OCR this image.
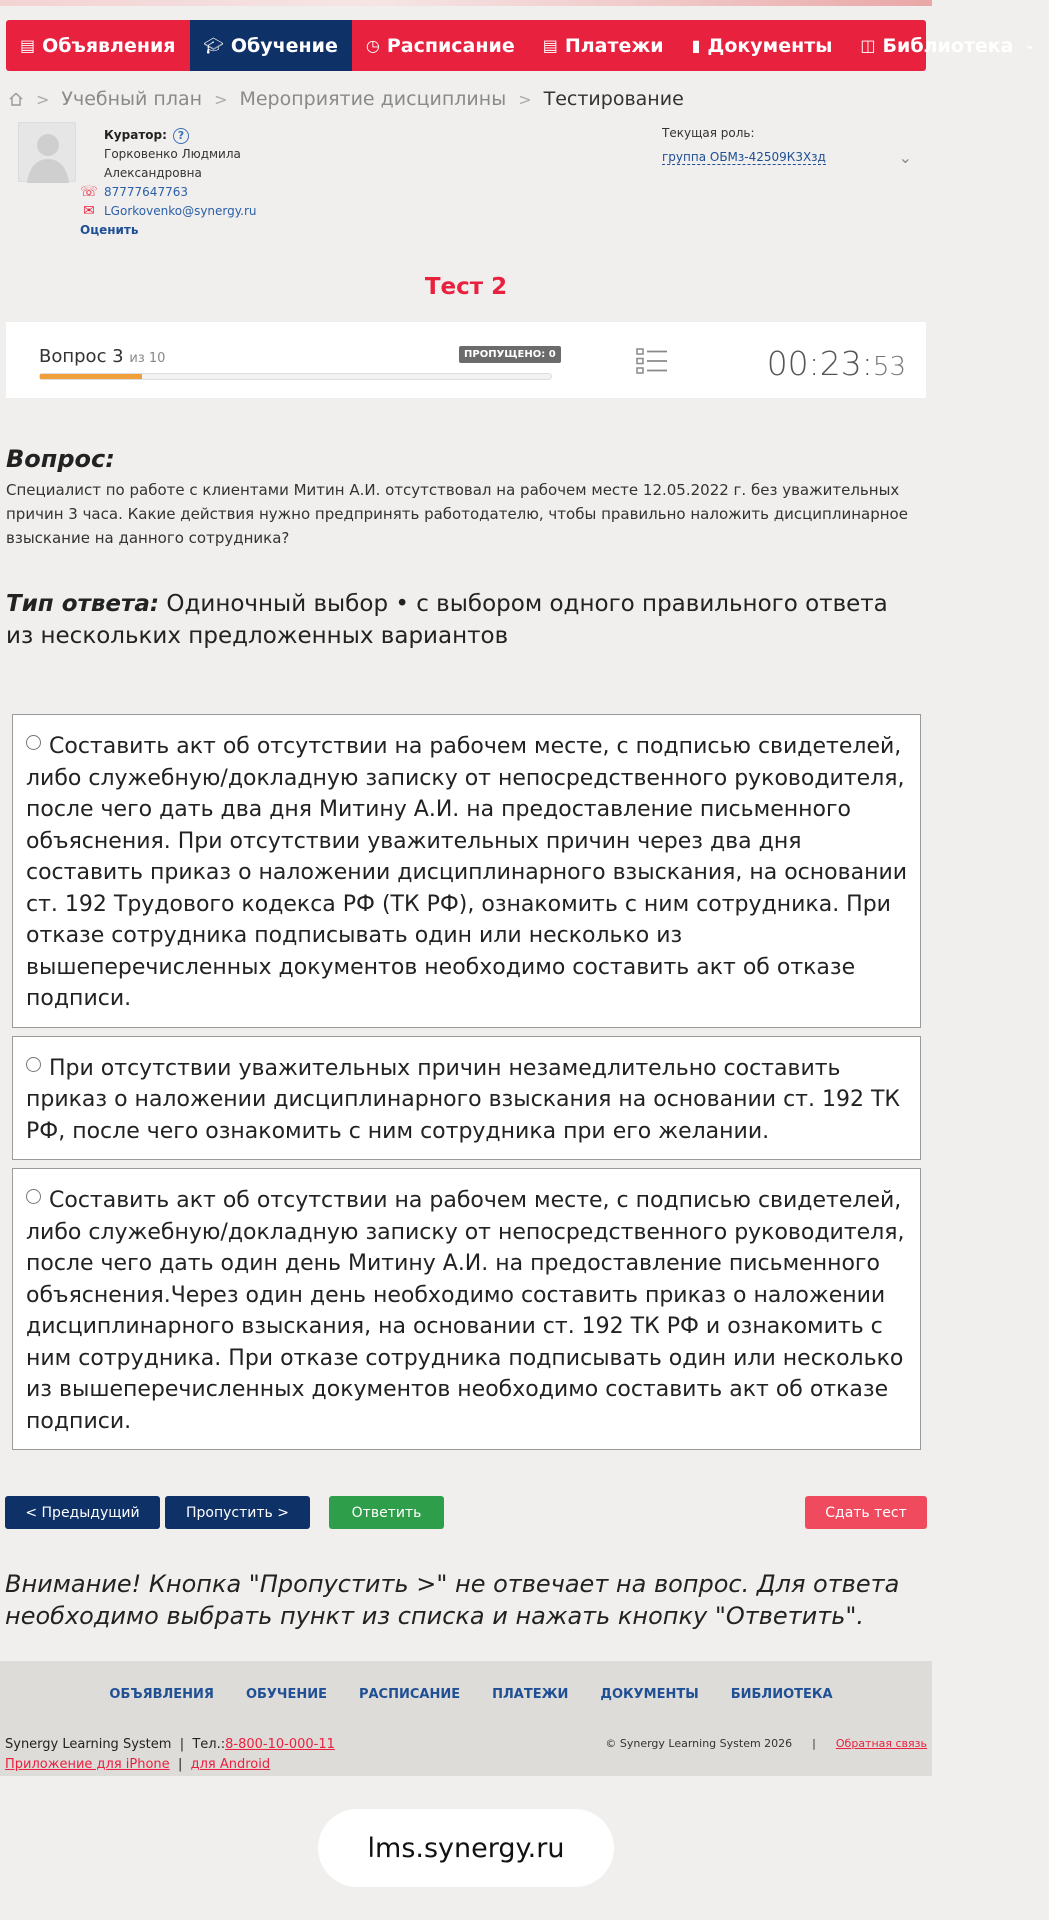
▤ Объявления 🎓︎ Обучение ◷ Расписание ▤ Платежи ▮ Документы ◫ Библиотека ⌄
> Учебный план > Мероприятие дисциплины > Тестирование
Куратор: ?
Горковенко Людмила Александровна
☏ 87777647763
✉ LGorkovenko@synergy.ru
Оценить
Текущая роль:
группа ОБМз-42509К3Хзд	⌄
Тест 2
Вопрос 3 из 10	ПРОПУЩЕНО: 0	00:23:53
Вопрос:
Специалист по работе с клиентами Митин А.И. отсутствовал на рабочем месте 12.05.2022 г. без уважительных причин 3 часа. Какие действия нужно предпринять работодателю, чтобы правильно наложить дисциплинарное взыскание на данного сотрудника?
Тип ответа: Одиночный выбор • с выбором одного правильного ответа из нескольких предложенных вариантов
Составить акт об отсутствии на рабочем месте, с подписью свидетелей, либо служебную/докладную записку от непосредственного руководителя, после чего дать два дня Митину А.И. на предоставление письменного объяснения. При отсутствии уважительных причин через два дня составить приказ о наложении дисциплинарного взыскания, на основании ст. 192 Трудового кодекса РФ (ТК РФ), ознакомить с ним сотрудника. При отказе сотрудника подписывать один или несколько из вышеперечисленных документов необходимо составить акт об отказе подписи.
При отсутствии уважительных причин незамедлительно составить приказ о наложении дисциплинарного взыскания на основании ст. 192 ТК РФ, после чего ознакомить с ним сотрудника при его желании.
Составить акт об отсутствии на рабочем месте, с подписью свидетелей, либо служебную/докладную записку от непосредственного руководителя, после чего дать один день Митину А.И. на предоставление письменного объяснения.Через один день необходимо составить приказ о наложении дисциплинарного взыскания, на основании ст. 192 ТК РФ и ознакомить с ним сотрудника. При отказе сотрудника подписывать один или несколько из вышеперечисленных документов необходимо составить акт об отказе подписи.
< Предыдущий	Пропустить >	Ответить	Сдать тест
Внимание! Кнопка "Пропустить >" не отвечает на вопрос. Для ответа необходимо выбрать пункт из списка и нажать кнопку "Ответить".
ОБЪЯВЛЕНИЯ ОБУЧЕНИЕ РАСПИСАНИЕ ПЛАТЕЖИ ДОКУМЕНТЫ БИБЛИОТЕКА
Synergy Learning System | Тел.:8-800-10-000-11
Приложение для iPhone | для Android
© Synergy Learning System 2026 | Обратная связь
lms.synergy.ru
